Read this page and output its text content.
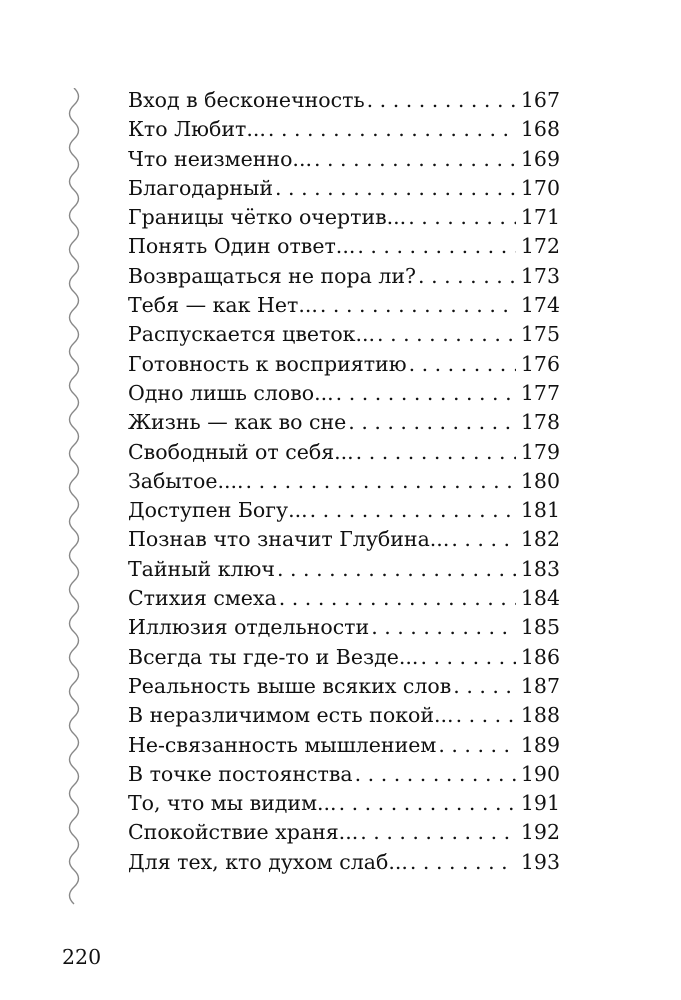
Вход в бесконечность . . .	167
Кто Любит... . . .	168
Что неизменно... . . .	169
Благодарный . . .	170
Границы чётко очертив... . . .	171
Понять Один ответ... . . .	172
Возвращаться не пора ли? . . .	173
Тебя — как Нет... . . .	174
Распускается цветок... . . .	175
Готовность к восприятию . . .	176
Одно лишь слово... . . .	177
Жизнь — как во сне . . .	178
Свободный от себя... . . .	179
Забытое.... . . .	180
Доступен Богу... . . .	181
Познав что значит Глубина... . . .	182
Тайный ключ . . .	183
Стихия смеха . . .	184
Иллюзия отдельности . . .	185
Всегда ты где-то и Везде... . . .	186
Реальность выше всяких слов . . .	187
В неразличимом есть покой... . . .	188
Не-связанность мышлением . . .	189
В точке постоянства . . .	190
То, что мы видим... . . .	191
Спокойствие храня... . . .	192
Для тех, кто духом слаб... . . .	193
220
